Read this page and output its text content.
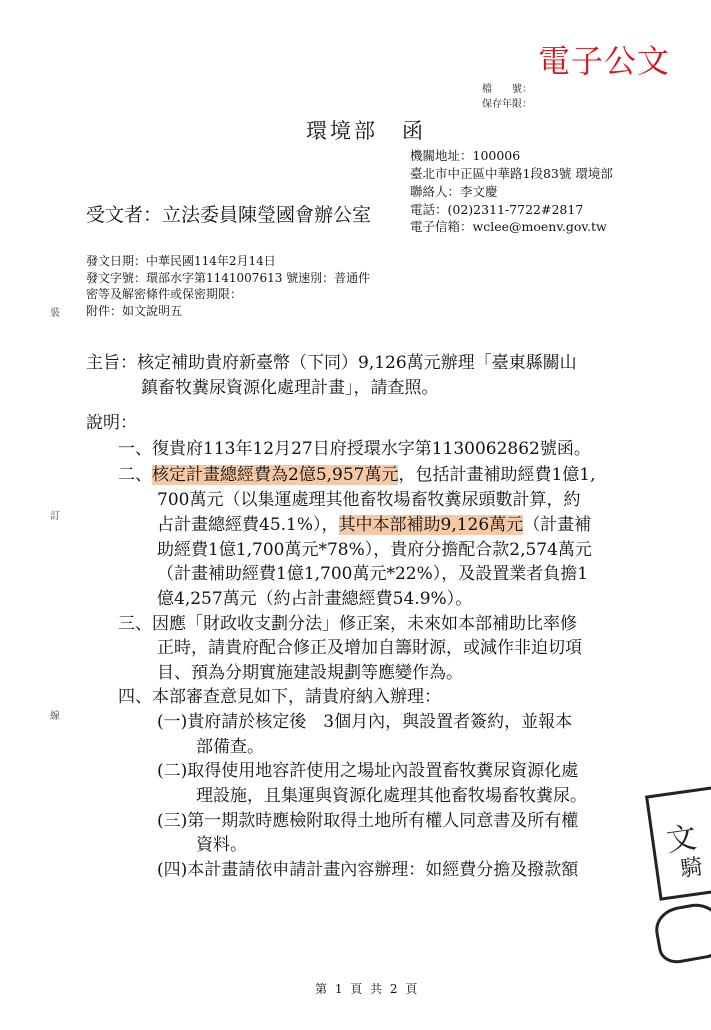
電子公文
檔　　號：
保存年限：
環境部　函
機關地址：100006
臺北市中正區中華路1段83號 環境部
聯絡人：李文慶
電話：(02)2311-7722#2817
電子信箱：wclee@moenv.gov.tw
受文者：立法委員陳瑩國會辦公室
發文日期：中華民國114年2月14日
發文字號：環部水字第1141007613 號速別：普通件
密等及解密條件或保密期限：
附件：如文說明五
裝
訂
線
主旨：核定補助貴府新臺幣（下同）9,126萬元辦理「臺東縣關山
鎮畜牧糞尿資源化處理計畫」，請查照。
說明：
一、復貴府113年12月27日府授環水字第1130062862號函。
二、核定計畫總經費為2億5,957萬元，包括計畫補助經費1億1,
700萬元（以集運處理其他畜牧場畜牧糞尿頭數計算，約
占計畫總經費45.1%），其中本部補助9,126萬元（計畫補
助經費1億1,700萬元*78%），貴府分擔配合款2,574萬元
（計畫補助經費1億1,700萬元*22%），及設置業者負擔1
億4,257萬元（約占計畫總經費54.9%）。
三、因應「財政收支劃分法」修正案，未來如本部補助比率修
正時，請貴府配合修正及增加自籌財源，或減作非迫切項
目、預為分期實施建設規劃等應變作為。
四、本部審查意見如下，請貴府納入辦理：
(一)貴府請於核定後　3個月內，與設置者簽約，並報本
部備查。
(二)取得使用地容許使用之場址內設置畜牧糞尿資源化處
理設施，且集運與資源化處理其他畜牧場畜牧糞尿。
(三)第一期款時應檢附取得土地所有權人同意書及所有權
資料。
(四)本計畫請依申請計畫內容辦理：如經費分擔及撥款額
文
騎
第 1 頁 共 2 頁
